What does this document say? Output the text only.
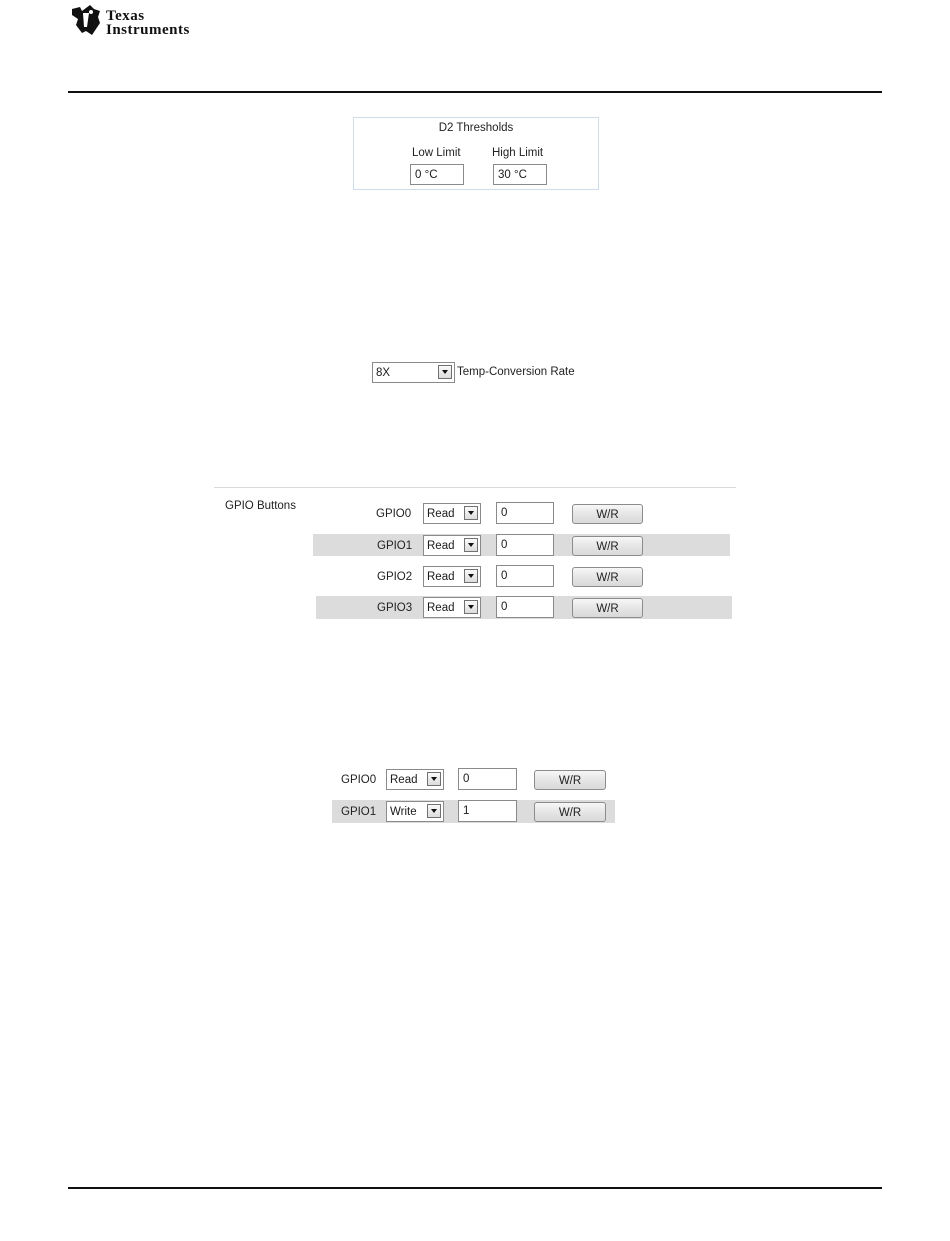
Texas
Instruments
D2 Thresholds
Low Limit	High Limit
0 °C	30 °C
8X	Temp-Conversion Rate
GPIO Buttons
GPIO0	Read	0	W/R
GPIO1	Read	0	W/R
GPIO2	Read	0	W/R
GPIO3	Read	0	W/R
GPIO0	Read	0	W/R
GPIO1	Write	1	W/R
